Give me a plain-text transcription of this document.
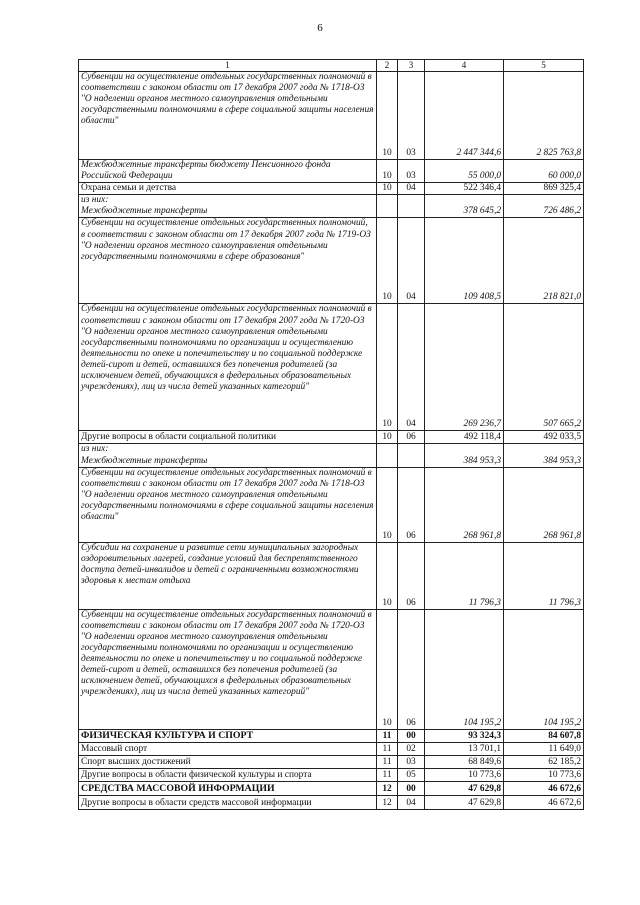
6
1	2	3	4	5
Субвенции на осуществление отдельных государственных полномочий в соответствии с законом области от 17 декабря 2007 года № 1718-ОЗ "О наделении органов местного самоуправления отдельными государственными полномочиями в сфере социальной защиты населения области"	10	03	2 447 344,6	2 825 763,8
Межбюджетные трансферты бюджету Пенсионного фонда Российской Федерации	10	03	55 000,0	60 000,0
Охрана семьи и детства	10	04	522 346,4	869 325,4
из них:
Межбюджетные трансферты			378 645,2	726 486,2
Субвенции на осуществление отдельных государственных полномочий, в соответствии с законом области от 17 декабря 2007 года № 1719-ОЗ "О наделении органов местного самоуправления отдельными государственными полномочиями в сфере образования"	10	04	109 408,5	218 821,0
Субвенции на осуществление отдельных государственных полномочий в соответствии с законом области от 17 декабря 2007 года № 1720-ОЗ "О наделении органов местного самоуправления отдельными государственными полномочиями по организации и осуществлению деятельности по опеке и попечительству и по социальной поддержке детей-сирот и детей, оставшихся без попечения родителей (за исключением детей, обучающихся в федеральных образовательных учреждениях), лиц из числа детей указанных категорий"	10	04	269 236,7	507 665,2
Другие вопросы в области социальной политики	10	06	492 118,4	492 033,5
из них:
Межбюджетные трансферты			384 953,3	384 953,3
Субвенции на осуществление отдельных государственных полномочий в соответствии с законом области от 17 декабря 2007 года № 1718-ОЗ "О наделении органов местного самоуправления отдельными государственными полномочиями в сфере социальной защиты населения области"	10	06	268 961,8	268 961,8
Субсидии на сохранение и развитие сети муниципальных загородных оздоровительных лагерей, создание условий для беспрепятственного доступа детей-инвалидов и детей с ограниченными возможностями здоровья к местам отдыха	10	06	11 796,3	11 796,3
Субвенции на осуществление отдельных государственных полномочий в соответствии с законом области от 17 декабря 2007 года № 1720-ОЗ "О наделении органов местного самоуправления отдельными государственными полномочиями по организации и осуществлению деятельности по опеке и попечительству и по социальной поддержке детей-сирот и детей, оставшихся без попечения родителей (за исключением детей, обучающихся в федеральных образовательных учреждениях), лиц из числа детей указанных категорий"	10	06	104 195,2	104 195,2
ФИЗИЧЕСКАЯ КУЛЬТУРА И СПОРТ	11	00	93 324,3	84 607,8
Массовый спорт	11	02	13 701,1	11 649,0
Спорт высших достижений	11	03	68 849,6	62 185,2
Другие вопросы в области физической культуры и спорта	11	05	10 773,6	10 773,6
СРЕДСТВА МАССОВОЙ ИНФОРМАЦИИ	12	00	47 629,8	46 672,6
Другие вопросы в области средств массовой информации	12	04	47 629,8	46 672,6
